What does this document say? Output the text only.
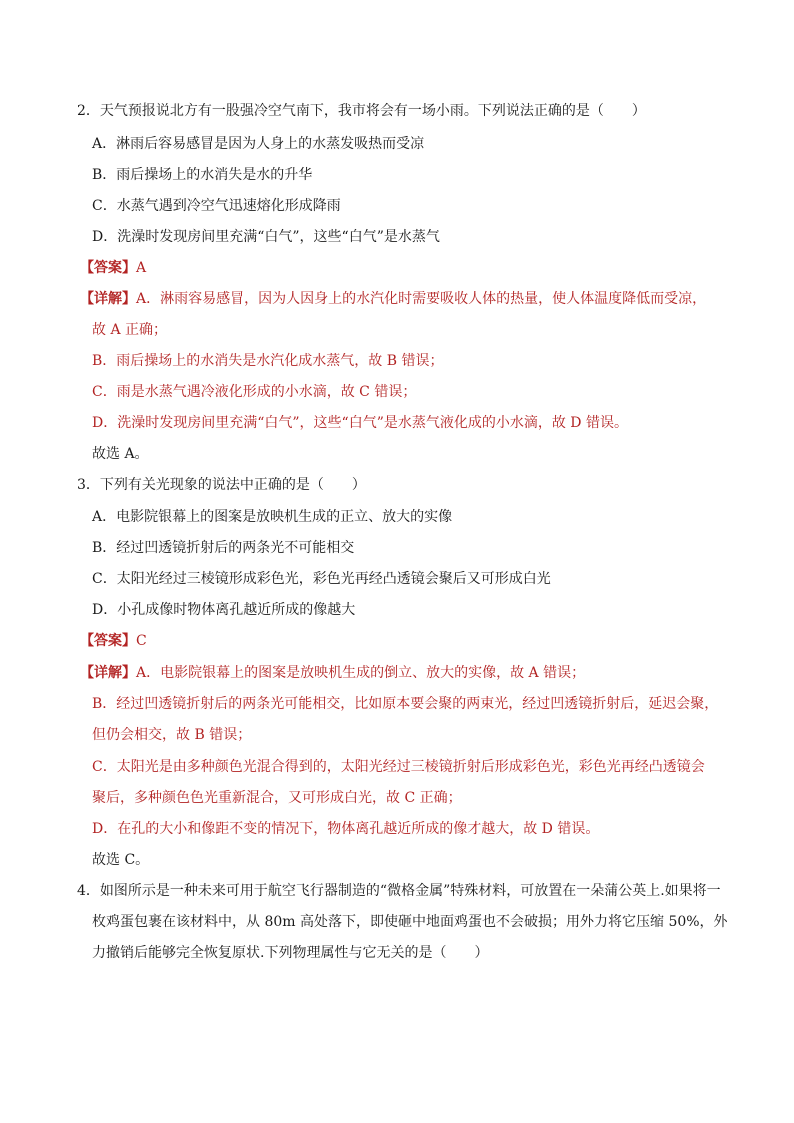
2．天气预报说北方有一股强冷空气南下，我市将会有一场小雨。下列说法正确的是（　　）
A．淋雨后容易感冒是因为人身上的水蒸发吸热而受凉
B．雨后操场上的水消失是水的升华
C．水蒸气遇到冷空气迅速熔化形成降雨
D．洗澡时发现房间里充满“白气”，这些“白气”是水蒸气
【答案】A
【详解】A．淋雨容易感冒，因为人因身上的水汽化时需要吸收人体的热量，使人体温度降低而受凉，
故 A 正确；
B．雨后操场上的水消失是水汽化成水蒸气，故 B 错误；
C．雨是水蒸气遇冷液化形成的小水滴，故 C 错误；
D．洗澡时发现房间里充满“白气”，这些“白气”是水蒸气液化成的小水滴，故 D 错误。
故选 A。
3．下列有关光现象的说法中正确的是（　　）
A．电影院银幕上的图案是放映机生成的正立、放大的实像
B．经过凹透镜折射后的两条光不可能相交
C．太阳光经过三棱镜形成彩色光，彩色光再经凸透镜会聚后又可形成白光
D．小孔成像时物体离孔越近所成的像越大
【答案】C
【详解】A．电影院银幕上的图案是放映机生成的倒立、放大的实像，故 A 错误；
B．经过凹透镜折射后的两条光可能相交，比如原本要会聚的两束光，经过凹透镜折射后，延迟会聚，
但仍会相交，故 B 错误；
C．太阳光是由多种颜色光混合得到的，太阳光经过三棱镜折射后形成彩色光，彩色光再经凸透镜会
聚后，多种颜色色光重新混合，又可形成白光，故 C 正确；
D．在孔的大小和像距不变的情况下，物体离孔越近所成的像才越大，故 D 错误。
故选 C。
4．如图所示是一种未来可用于航空飞行器制造的“微格金属”特殊材料，可放置在一朵蒲公英上.如果将一
枚鸡蛋包裹在该材料中，从 80m 高处落下，即使砸中地面鸡蛋也不会破损；用外力将它压缩 50%，外
力撤销后能够完全恢复原状.下列物理属性与它无关的是（　　）
